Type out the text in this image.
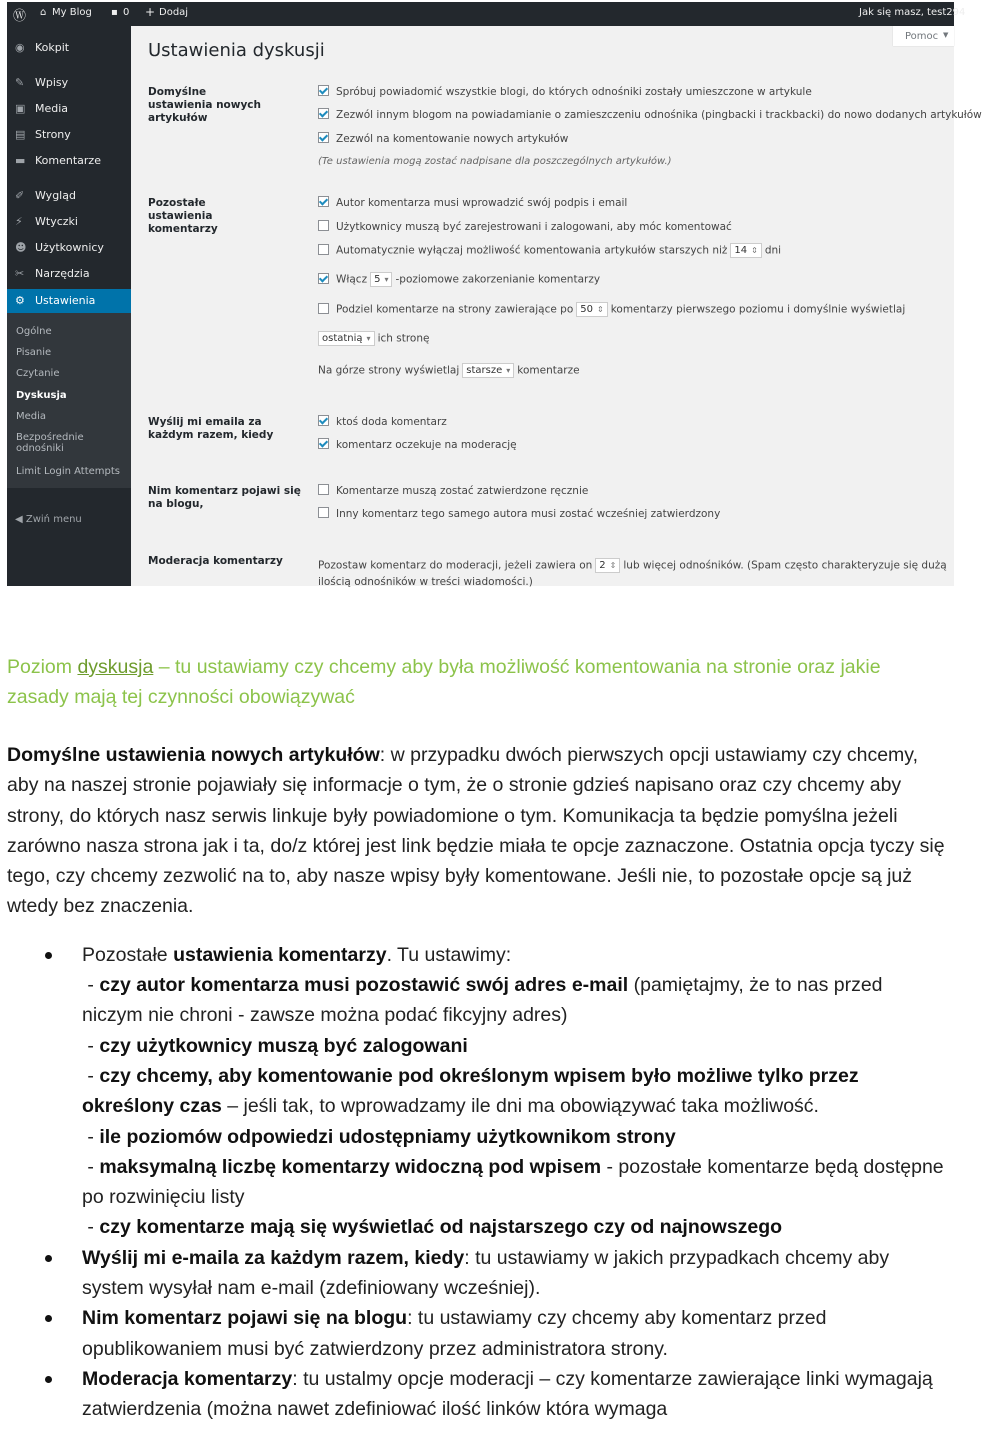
Ⓦ ⌂ My Blog ▪ 0 + Dodaj	Jak się masz, test294
◉ Kokpit
✎ Wpisy
▣ Media
▤ Strony
▬ Komentarze
✐ Wygląd
⚡ Wtyczki
☻ Użytkownicy
✂ Narzędzia
⚙ Ustawienia
Ogólne
Pisanie
Czytanie
Dyskusja
Media
Bezpośrednie
odnośniki
Limit Login Attempts
◀ Zwiń menu
Pomoc ▼
Ustawienia dyskusji
Domyślne ustawienia nowych artykułów
Pozostałe ustawienia komentarzy
Wyślij mi emaila za każdym razem, kiedy
Nim komentarz pojawi się na blogu,
Moderacja komentarzy
Spróbuj powiadomić wszystkie blogi, do których odnośniki zostały umieszczone w artykule
Zezwól innym blogom na powiadamianie o zamieszczeniu odnośnika (pingbacki i trackbacki) do nowo dodanych artykułów
Zezwól na komentowanie nowych artykułów
(Te ustawienia mogą zostać nadpisane dla poszczególnych artykułów.)
Autor komentarza musi wprowadzić swój podpis i email
Użytkownicy muszą być zarejestrowani i zalogowani, aby móc komentować
Automatycznie wyłączaj możliwość komentowania artykułów starszych niż 14 ⇕ dni
Włącz 5 ▾ -poziomowe zakorzenianie komentarzy
Podziel komentarze na strony zawierające po 50 ⇕ komentarzy pierwszego poziomu i domyślnie wyświetlaj
ostatnią ▾ ich stronę
Na górze strony wyświetlaj starsze ▾ komentarze
ktoś doda komentarz
komentarz oczekuje na moderację
Komentarze muszą zostać zatwierdzone ręcznie
Inny komentarz tego samego autora musi zostać wcześniej zatwierdzony
Pozostaw komentarz do moderacji, jeżeli zawiera on 2 ⇕ lub więcej odnośników. (Spam często charakteryzuje się dużą
ilością odnośników w treści wiadomości.)

Poziom dyskusja – tu ustawiamy czy chcemy aby była możliwość komentowania na stronie oraz jakie zasady mają tej czynności obowiązywać

Domyślne ustawienia nowych artykułów: w przypadku dwóch pierwszych opcji ustawiamy czy chcemy, aby na naszej stronie pojawiały się informacje o tym, że o stronie gdzieś napisano oraz czy chcemy aby strony, do których nasz serwis linkuje były powiadomione o tym. Komunikacja ta będzie pomyślna jeżeli zarówno nasza strona jak i ta, do/z której jest link będzie miała te opcje zaznaczone. Ostatnia opcja tyczy się tego, czy chcemy zezwolić na to, aby nasze wpisy były komentowane. Jeśli nie, to pozostałe opcje są już wtedy bez znaczenia.

Pozostałe ustawienia komentarzy. Tu ustawimy:
- czy autor komentarza musi pozostawić swój adres e-mail (pamiętajmy, że to nas przed niczym nie chroni - zawsze można podać fikcyjny adres)
- czy użytkownicy muszą być zalogowani
- czy chcemy, aby komentowanie pod określonym wpisem było możliwe tylko przez określony czas – jeśli tak, to wprowadzamy ile dni ma obowiązywać taka możliwość.
- ile poziomów odpowiedzi udostępniamy użytkownikom strony
- maksymalną liczbę komentarzy widoczną pod wpisem - pozostałe komentarze będą dostępne po rozwinięciu listy
- czy komentarze mają się wyświetlać od najstarszego czy od najnowszego
Wyślij mi e-maila za każdym razem, kiedy: tu ustawiamy w jakich przypadkach chcemy aby system wysyłał nam e-mail (zdefiniowany wcześniej).
Nim komentarz pojawi się na blogu: tu ustawiamy czy chcemy aby komentarz przed opublikowaniem musi być zatwierdzony przez administratora strony.
Moderacja komentarzy: tu ustalmy opcje moderacji – czy komentarze zawierające linki wymagają zatwierdzenia (można nawet zdefiniować ilość linków która wymaga
